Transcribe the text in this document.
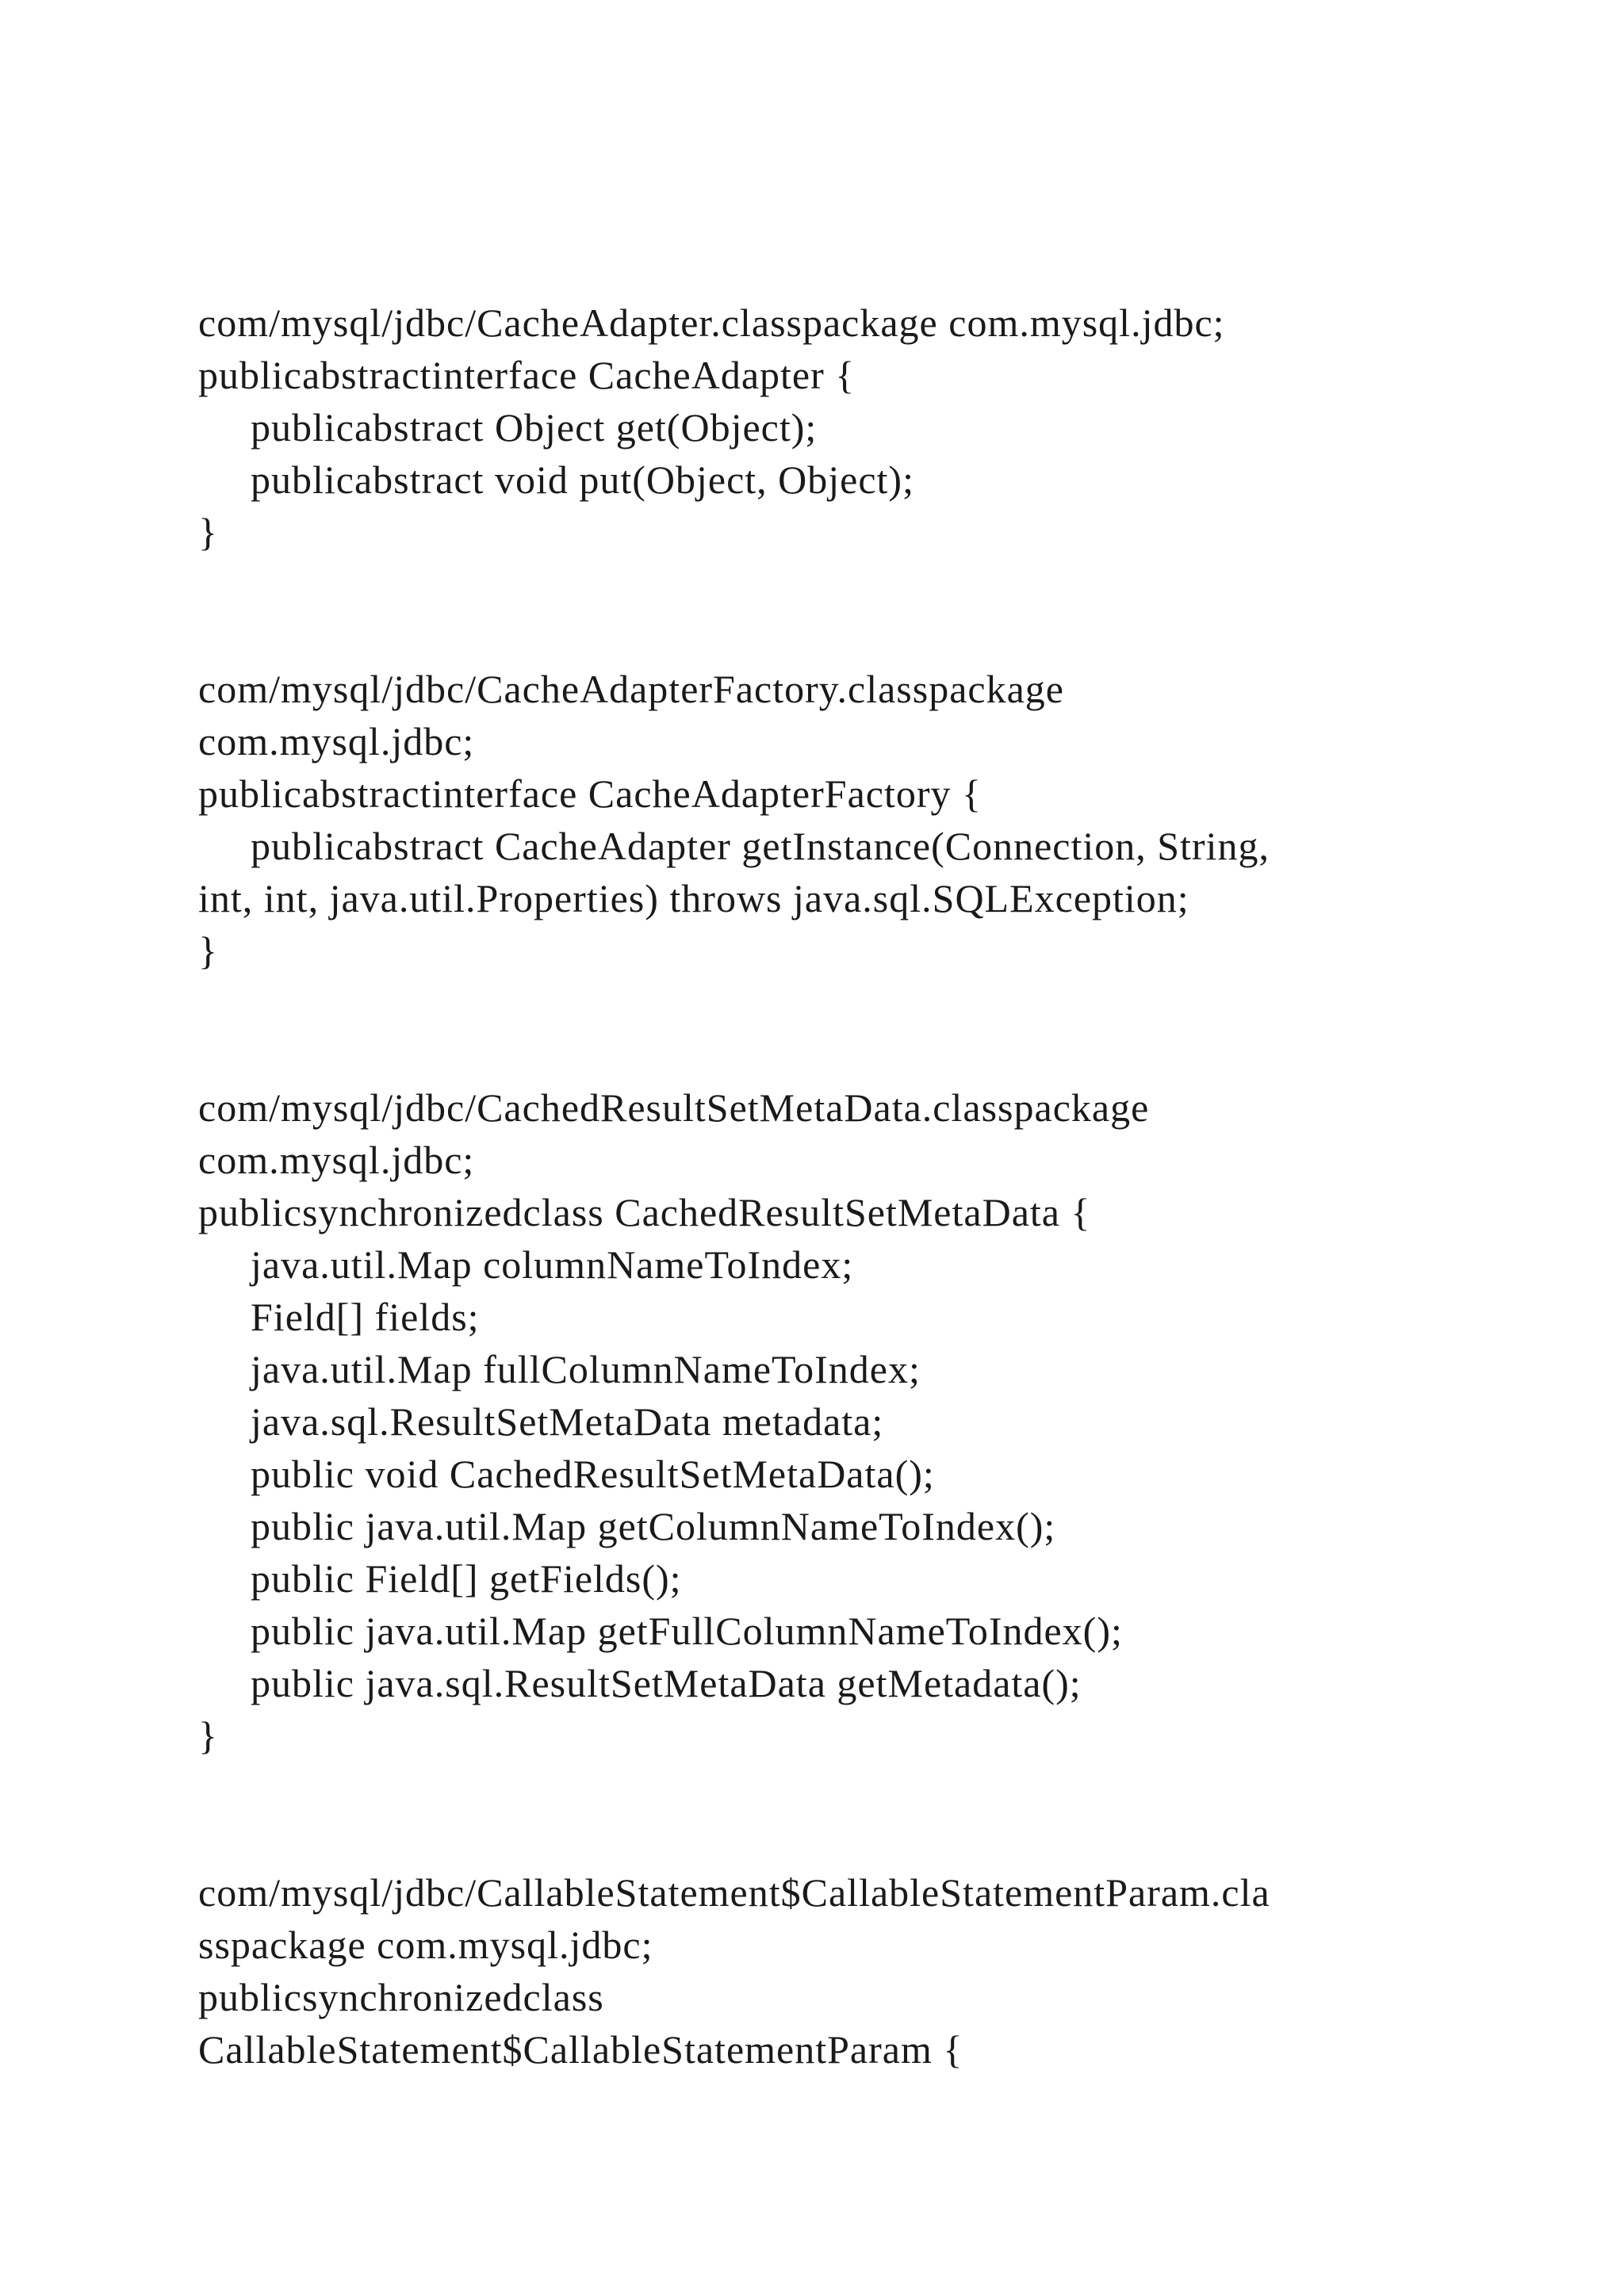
com/mysql/jdbc/CacheAdapter.classpackage com.mysql.jdbc;
publicabstractinterface CacheAdapter {
publicabstract Object get(Object);
publicabstract void put(Object, Object);
}
com/mysql/jdbc/CacheAdapterFactory.classpackage
com.mysql.jdbc;
publicabstractinterface CacheAdapterFactory {
publicabstract CacheAdapter getInstance(Connection, String,
int, int, java.util.Properties) throws java.sql.SQLException;
}
com/mysql/jdbc/CachedResultSetMetaData.classpackage
com.mysql.jdbc;
publicsynchronizedclass CachedResultSetMetaData {
java.util.Map columnNameToIndex;
Field[] fields;
java.util.Map fullColumnNameToIndex;
java.sql.ResultSetMetaData metadata;
public void CachedResultSetMetaData();
public java.util.Map getColumnNameToIndex();
public Field[] getFields();
public java.util.Map getFullColumnNameToIndex();
public java.sql.ResultSetMetaData getMetadata();
}
com/mysql/jdbc/CallableStatement$CallableStatementParam.cla
sspackage com.mysql.jdbc;
publicsynchronizedclass
CallableStatement$CallableStatementParam {
